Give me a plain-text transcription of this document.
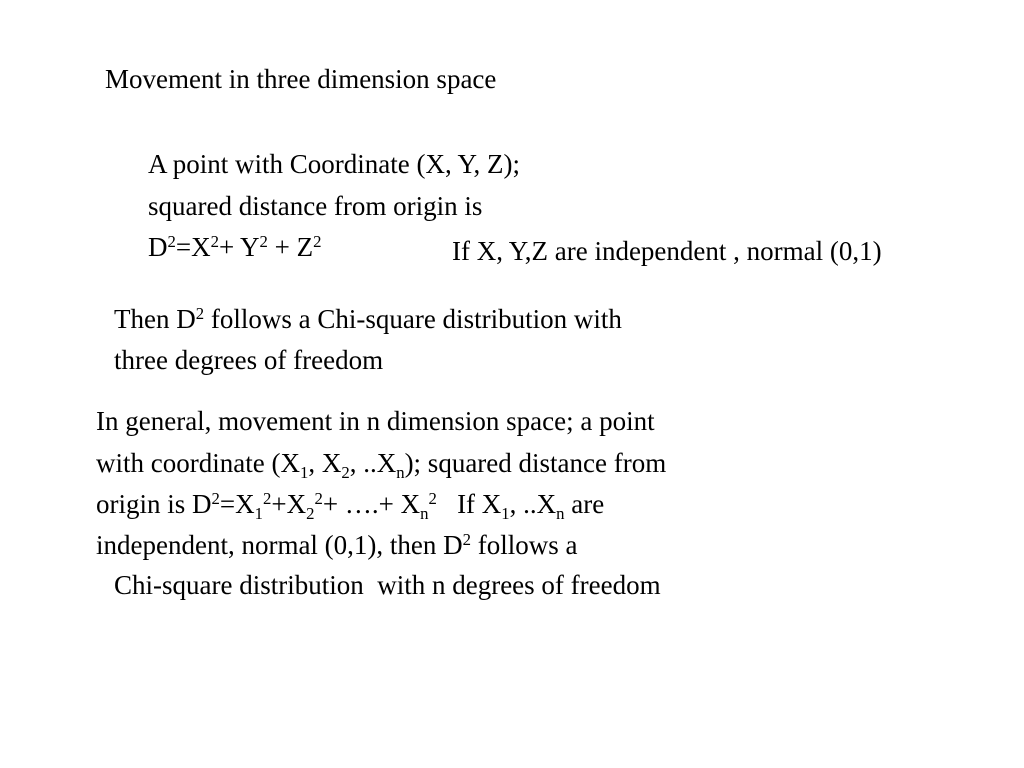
Movement in three dimension space
A point with Coordinate (X, Y, Z);
squared distance from origin is
$D^2=X^2+ Y^2 + Z^2$	If X, Y,Z are independent , normal (0,1)
Then $D^2$ follows a Chi-square distribution with
three degrees of freedom
In general, movement in n dimension space; a point
with coordinate ($X_1$, $X_2$, $..X_n$); squared distance from
origin is $D^2=X_1^2+X_2^2+$ ….+ $X_n^2$   If $X_1$, $..X_n$ are
independent, normal (0,1), then $D^2$ follows a
Chi-square distribution  with n degrees of freedom
